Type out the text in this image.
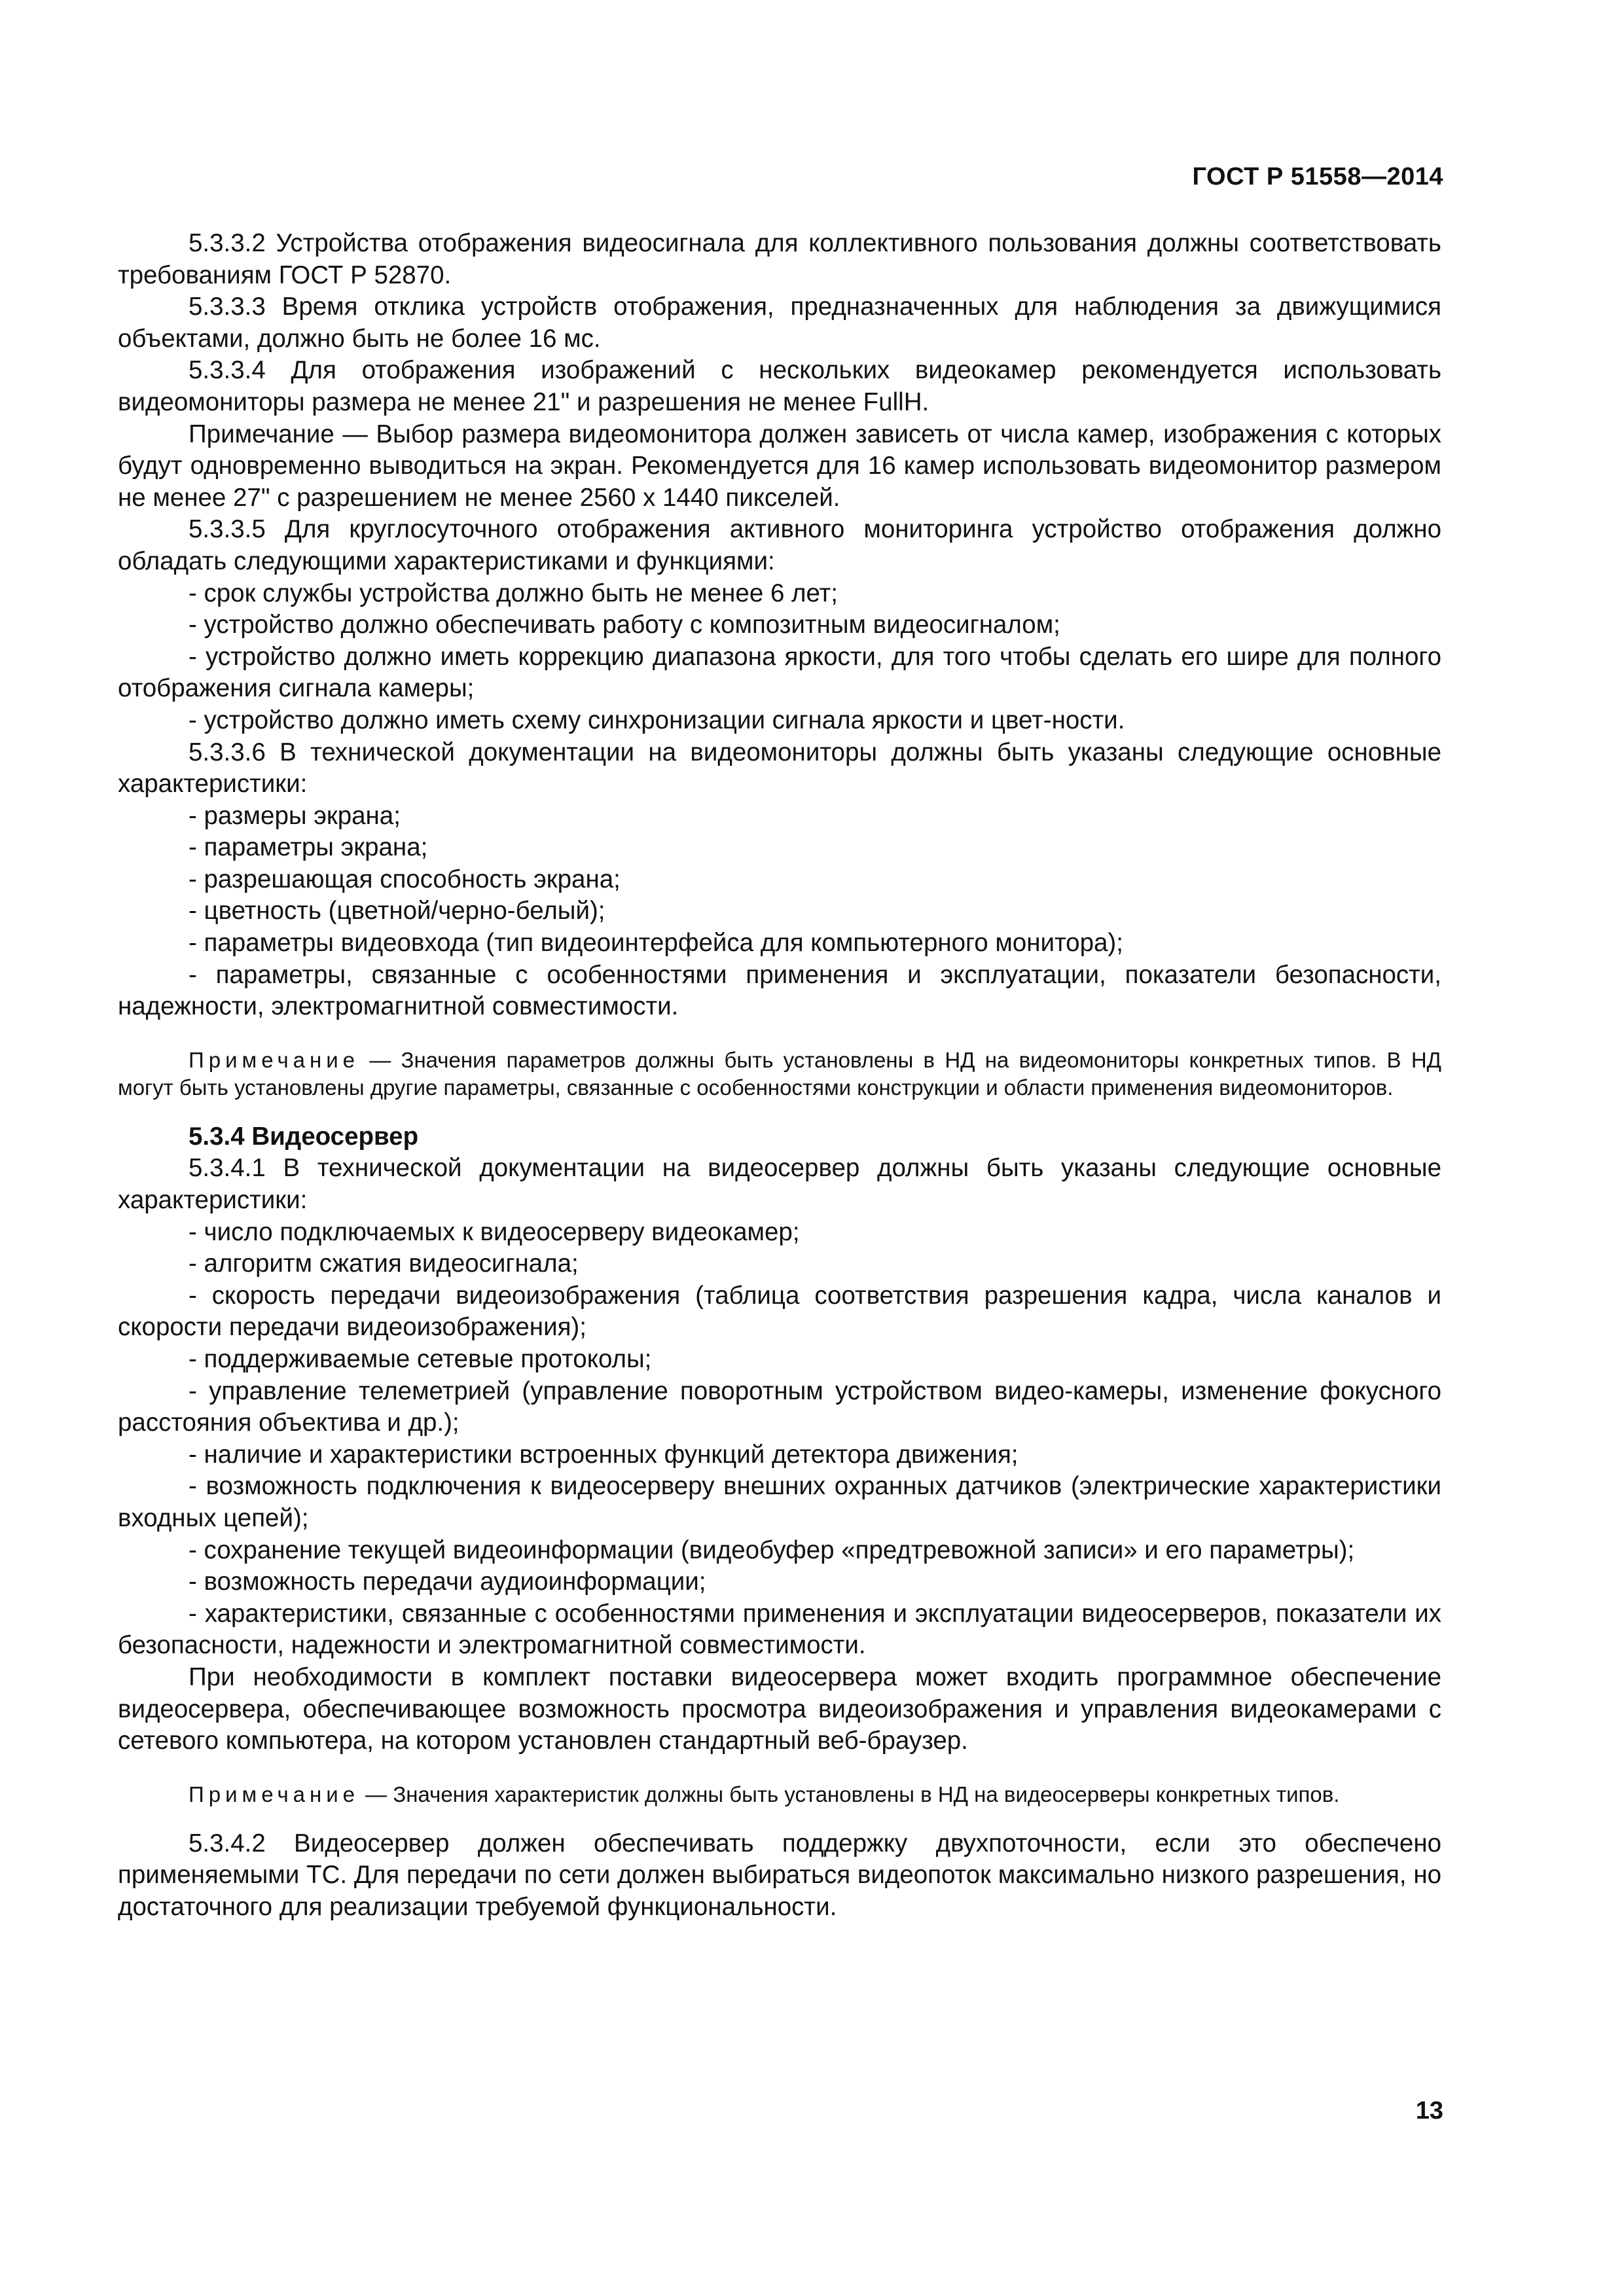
ГОСТ Р 51558—2014

5.3.3.2 Устройства отображения видеосигнала для коллективного пользования должны соответствовать требованиям ГОСТ Р 52870.

5.3.3.3 Время отклика устройств отображения, предназначенных для наблюдения за движущимися объектами, должно быть не более 16 мс.

5.3.3.4 Для отображения изображений с нескольких видеокамер рекомендуется использовать видеомониторы размера не менее 21" и разрешения не менее FullH.

Примечание — Выбор размера видеомонитора должен зависеть от числа камер, изображения с которых будут одновременно выводиться на экран. Рекомендуется для 16 камер использовать видеомонитор размером не менее 27" с разрешением не менее 2560 х 1440 пикселей.

5.3.3.5 Для круглосуточного отображения активного мониторинга устройство отображения должно обладать следующими характеристиками и функциями:

- срок службы устройства должно быть не менее 6 лет;

- устройство должно обеспечивать работу с композитным видеосигналом;

- устройство должно иметь коррекцию диапазона яркости, для того чтобы сделать его шире для полного отображения сигнала камеры;

- устройство должно иметь схему синхронизации сигнала яркости и цвет-ности.

5.3.3.6 В технической документации на видеомониторы должны быть указаны следующие основные характеристики:

- размеры экрана;

- параметры экрана;

- разрешающая способность экрана;

- цветность (цветной/черно-белый);

- параметры видеовхода (тип видеоинтерфейса для компьютерного монитора);

- параметры, связанные с особенностями применения и эксплуатации, показатели безопасности, надежности, электромагнитной совместимости.

Примечание — Значения параметров должны быть установлены в НД на видеомониторы конкретных типов. В НД могут быть установлены другие параметры, связанные с особенностями конструкции и области применения видеомониторов.

5.3.4 Видеосервер

5.3.4.1 В технической документации на видеосервер должны быть указаны следующие основные характеристики:

- число подключаемых к видеосерверу видеокамер;

- алгоритм сжатия видеосигнала;

- скорость передачи видеоизображения (таблица соответствия разрешения кадра, числа каналов и скорости передачи видеоизображения);

- поддерживаемые сетевые протоколы;

- управление телеметрией (управление поворотным устройством видео-камеры, изменение фокусного расстояния объектива и др.);

- наличие и характеристики встроенных функций детектора движения;

- возможность подключения к видеосерверу внешних охранных датчиков (электрические характеристики входных цепей);

- сохранение текущей видеоинформации (видеобуфер «предтревожной записи» и его параметры);

- возможность передачи аудиоинформации;

- характеристики, связанные с особенностями применения и эксплуатации видеосерверов, показатели их безопасности, надежности и электромагнитной совместимости.

При необходимости в комплект поставки видеосервера может входить программное обеспечение видеосервера, обеспечивающее возможность просмотра видеоизображения и управления видеокамерами с сетевого компьютера, на котором установлен стандартный веб-браузер.

Примечание — Значения характеристик должны быть установлены в НД на видеосерверы конкретных типов.

5.3.4.2 Видеосервер должен обеспечивать поддержку двухпоточности, если это обеспечено применяемыми ТС. Для передачи по сети должен выбираться видеопоток максимально низкого разрешения, но достаточного для реализации требуемой функциональности.

13
